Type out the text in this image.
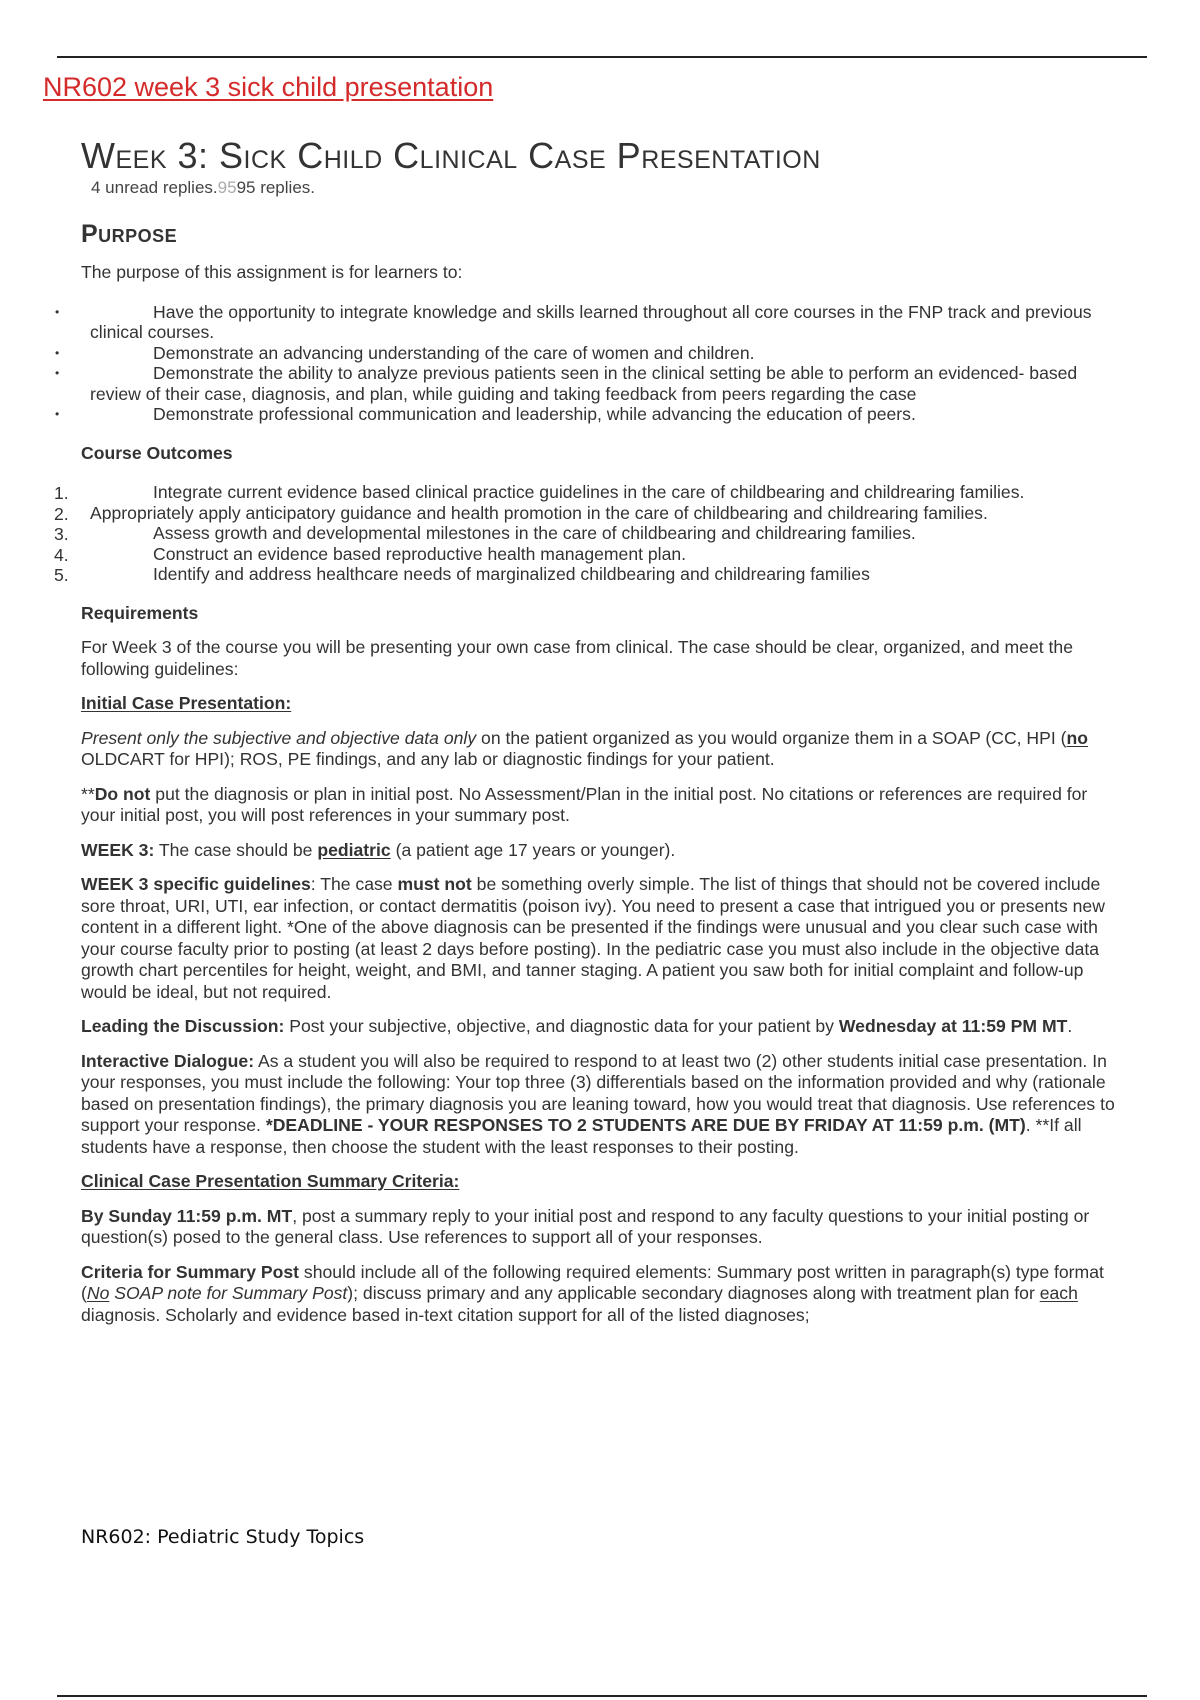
NR602 week 3 sick child presentation
Week 3: Sick Child Clinical Case Presentation

4 unread replies.9595 replies.

Purpose

The purpose of this assignment is for learners to:

•	Have the opportunity to integrate knowledge and skills learned throughout all core courses in the FNP track and previous clinical courses.
•	Demonstrate an advancing understanding of the care of women and children.
•	Demonstrate the ability to analyze previous patients seen in the clinical setting be able to perform an evidenced- based review of their case, diagnosis, and plan, while guiding and taking feedback from peers regarding the case
•	Demonstrate professional communication and leadership, while advancing the education of peers.

Course Outcomes

1.	Integrate current evidence based clinical practice guidelines in the care of childbearing and childrearing families.
2. Appropriately apply anticipatory guidance and health promotion in the care of childbearing and childrearing families.
3.	Assess growth and developmental milestones in the care of childbearing and childrearing families.
4.	Construct an evidence based reproductive health management plan.
5.	Identify and address healthcare needs of marginalized childbearing and childrearing families

Requirements

For Week 3 of the course you will be presenting your own case from clinical. The case should be clear, organized, and meet the following guidelines:

Initial Case Presentation:

Present only the subjective and objective data only on the patient organized as you would organize them in a SOAP (CC, HPI (no OLDCART for HPI); ROS, PE findings, and any lab or diagnostic findings for your patient.

**Do not put the diagnosis or plan in initial post. No Assessment/Plan in the initial post. No citations or references are required for your initial post, you will post references in your summary post.

WEEK 3: The case should be pediatric (a patient age 17 years or younger).

WEEK 3 specific guidelines: The case must not be something overly simple. The list of things that should not be covered include sore throat, URI, UTI, ear infection, or contact dermatitis (poison ivy). You need to present a case that intrigued you or presents new content in a different light. *One of the above diagnosis can be presented if the findings were unusual and you clear such case with your course faculty prior to posting (at least 2 days before posting). In the pediatric case you must also include in the objective data growth chart percentiles for height, weight, and BMI, and tanner staging. A patient you saw both for initial complaint and follow-up would be ideal, but not required.

Leading the Discussion: Post your subjective, objective, and diagnostic data for your patient by Wednesday at 11:59 PM MT.

Interactive Dialogue: As a student you will also be required to respond to at least two (2) other students initial case presentation. In your responses, you must include the following: Your top three (3) differentials based on the information provided and why (rationale based on presentation findings), the primary diagnosis you are leaning toward, how you would treat that diagnosis. Use references to support your response. *DEADLINE - YOUR RESPONSES TO 2 STUDENTS ARE DUE BY FRIDAY AT 11:59 p.m. (MT). **If all students have a response, then choose the student with the least responses to their posting.

Clinical Case Presentation Summary Criteria:

By Sunday 11:59 p.m. MT, post a summary reply to your initial post and respond to any faculty questions to your initial posting or question(s) posed to the general class. Use references to support all of your responses.

Criteria for Summary Post should include all of the following required elements: Summary post written in paragraph(s) type format (No SOAP note for Summary Post); discuss primary and any applicable secondary diagnoses along with treatment plan for each diagnosis. Scholarly and evidence based in-text citation support for all of the listed diagnoses;

NR602: Pediatric Study Topics
